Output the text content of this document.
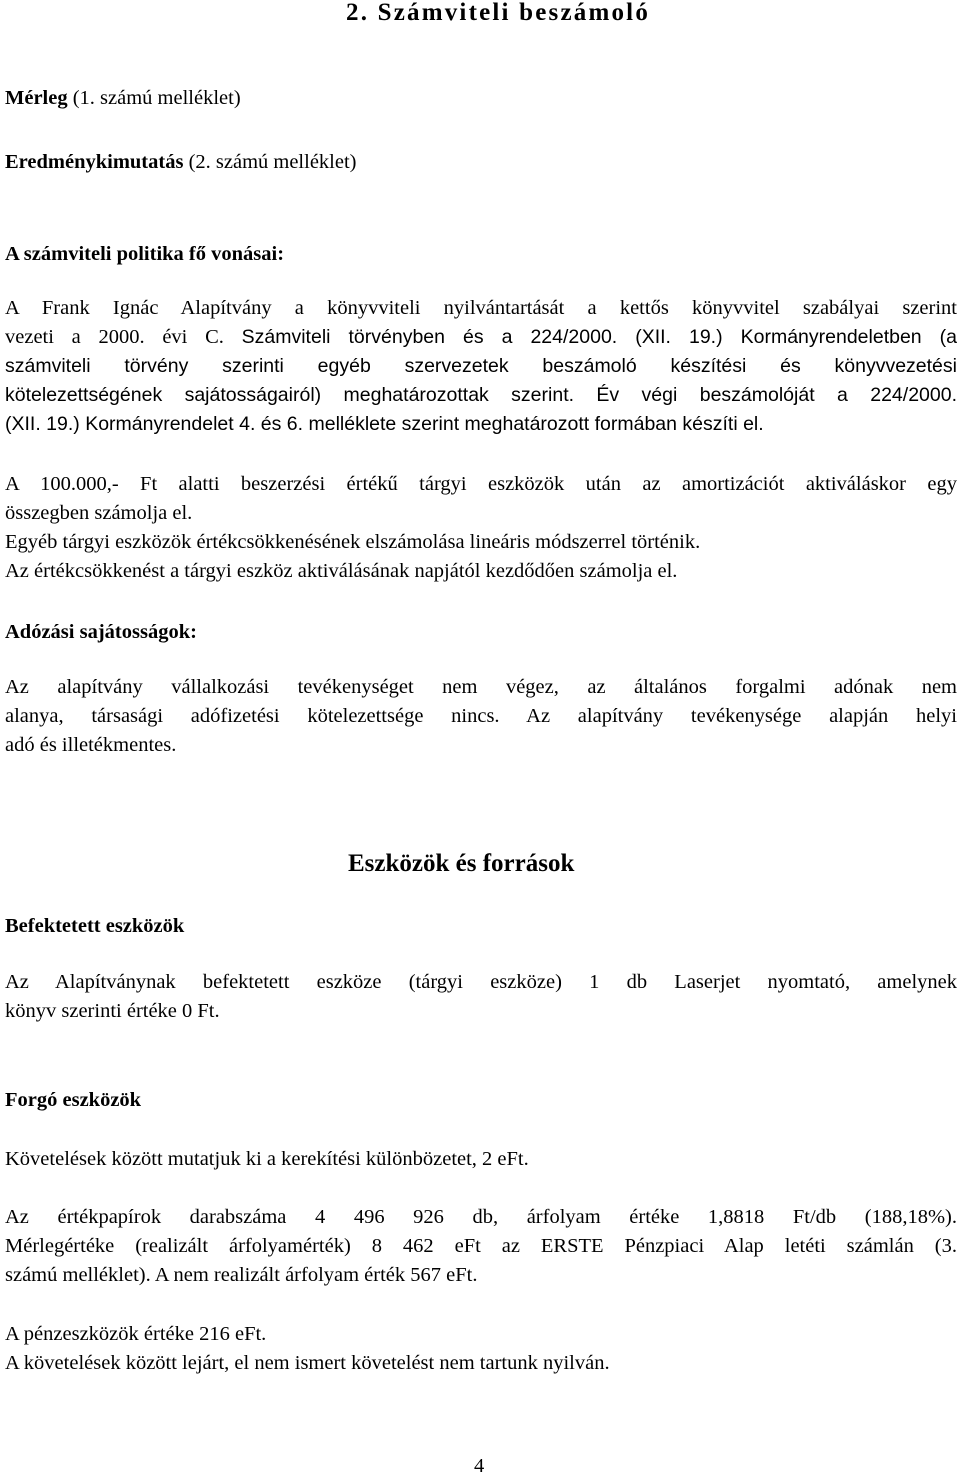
2. Számviteli beszámoló
Mérleg (1. számú melléklet)
Eredménykimutatás (2. számú melléklet)
A számviteli politika fő vonásai:
A Frank Ignác Alapítvány a könyvviteli nyilvántartását a kettős könyvvitel szabályai szerint
vezeti a 2000. évi C. Számviteli törvényben és a 224/2000. (XII. 19.) Kormányrendeletben (a
számviteli törvény szerinti egyéb szervezetek beszámoló készítési és könyvvezetési
kötelezettségének sajátosságairól) meghatározottak szerint. Év végi beszámolóját a 224/2000.
(XII. 19.) Kormányrendelet 4. és 6. melléklete szerint meghatározott formában készíti el.
A 100.000,- Ft alatti beszerzési értékű tárgyi eszközök után az amortizációt aktiváláskor egy
összegben számolja el.
Egyéb tárgyi eszközök értékcsökkenésének elszámolása lineáris módszerrel történik.
Az értékcsökkenést a tárgyi eszköz aktiválásának napjától kezdődően számolja el.
Adózási sajátosságok:
Az alapítvány vállalkozási tevékenységet nem végez, az általános forgalmi adónak nem
alanya, társasági adófizetési kötelezettsége nincs. Az alapítvány tevékenysége alapján helyi
adó és illetékmentes.
Eszközök és források
Befektetett eszközök
Az Alapítványnak befektetett eszköze (tárgyi eszköze) 1 db Laserjet nyomtató, amelynek
könyv szerinti értéke 0 Ft.
Forgó eszközök
Követelések között mutatjuk ki a kerekítési különbözetet, 2 eFt.
Az értékpapírok darabszáma 4 496 926 db, árfolyam értéke 1,8818 Ft/db (188,18%).
Mérlegértéke (realizált árfolyamérték) 8 462 eFt az ERSTE Pénzpiaci Alap letéti számlán (3.
számú melléklet). A nem realizált árfolyam érték 567 eFt.
A pénzeszközök értéke 216 eFt.
A követelések között lejárt, el nem ismert követelést nem tartunk nyilván.
4
